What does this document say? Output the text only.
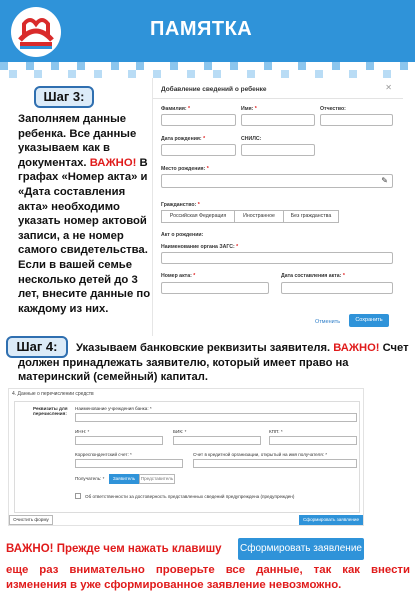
ПАМЯТКА
Шаг 3:
Заполняем данные ребенка. Все данные указываем как в документах. ВАЖНО! В графах «Номер акта» и «Дата составления акта» необходимо указать номер актовой записи, а не номер самого свидетельства. Если в вашей семье несколько детей до 3 лет, внесите данные по каждому из них.
Добавление сведений о ребенке	✕
Фамилия: *	Имя: *	Отчество:
Дата рождения: *	СНИЛС:
Место рождения: *
✎
Гражданство: *
Российская Федерация	Иностранное	Без гражданства
Акт о рождении:
Наименование органа ЗАГС: *
Номер акта: *	Дата составления акта: *
Отменить	Сохранить
Шаг 4:	Указываем банковские реквизиты заявителя. ВАЖНО! Счет должен принадлежать заявителю, который имеет право на материнский (семейный) капитал.
4. Данные о перечислении средств
Реквизиты для
перечисления:
Наименование учреждения банка: *
ИНН: *	БИК: *	КПП: *
Корреспондентский счет: *	Счет в кредитной организации, открытый на имя получателя: *
Получатель: *	Заявитель	Представитель
Об ответственности за достоверность представленных сведений предупреждена (предупрежден)
Очистить форму	Сформировать заявление
ВАЖНО! Прежде чем нажать клавишу Сформировать заявление
еще раз внимательно проверьте все данные, так как внести
изменения в уже сформированное заявление невозможно.
